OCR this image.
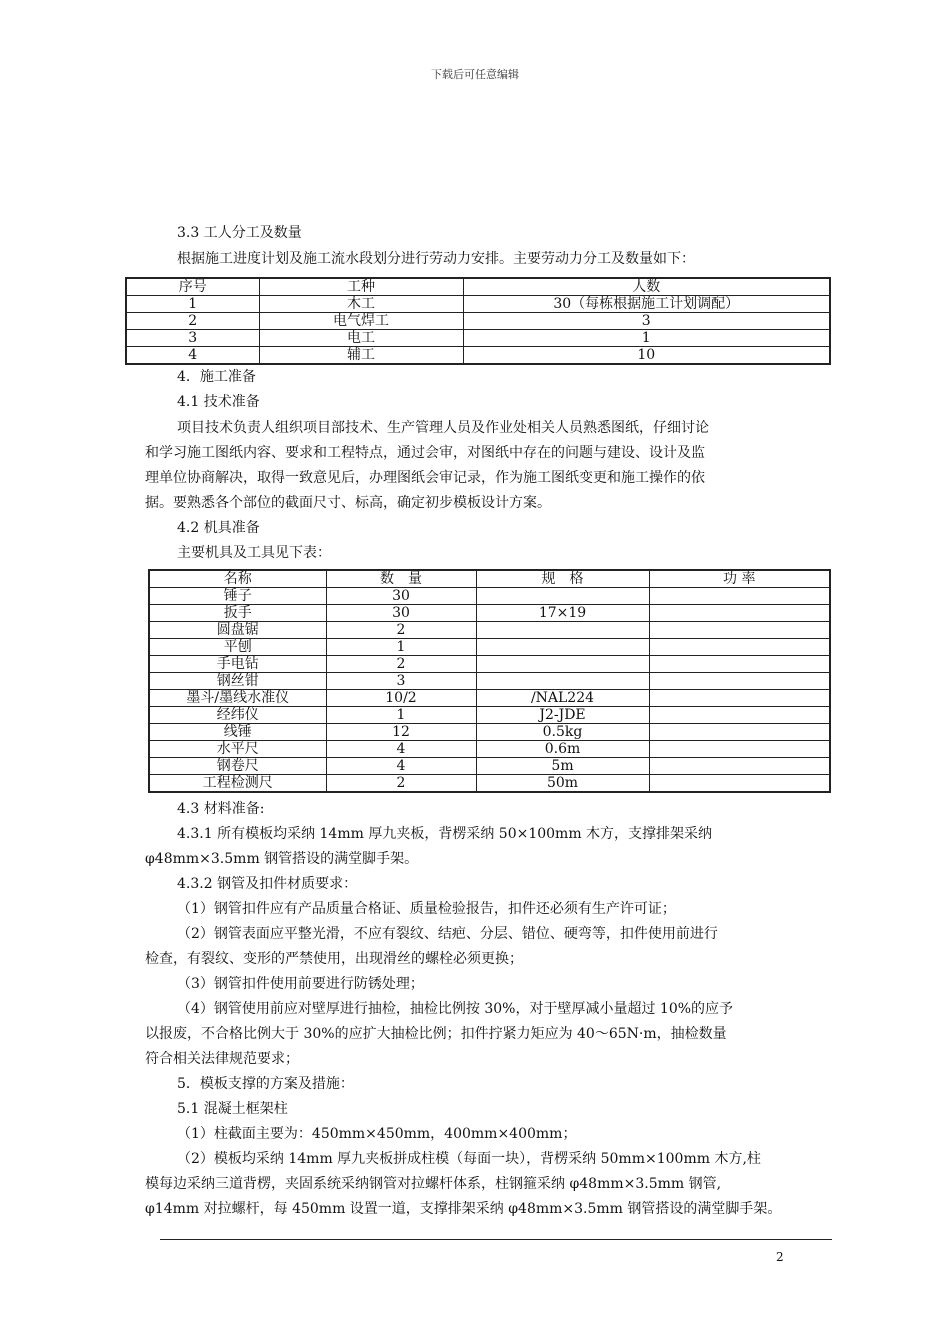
下载后可任意编辑
3.3 工人分工及数量
根据施工进度计划及施工流水段划分进行劳动力安排。主要劳动力分工及数量如下：
序号	工种	人数
1	木工	30（每栋根据施工计划调配）
2	电气焊工	3
3	电工	1
4	辅工	10
4．施工准备
4.1 技术准备
项目技术负责人组织项目部技术、生产管理人员及作业处相关人员熟悉图纸，仔细讨论
和学习施工图纸内容、要求和工程特点，通过会审，对图纸中存在的问题与建设、设计及监
理单位协商解决，取得一致意见后，办理图纸会审记录，作为施工图纸变更和施工操作的依
据。要熟悉各个部位的截面尺寸、标高，确定初步模板设计方案。
4.2 机具准备
主要机具及工具见下表：
名称	数　量	规　格	功 率
锤子	30		
扳手	30	17×19	
圆盘锯	2		
平刨	1		
手电钻	2		
钢丝钳	3		
墨斗/墨线水准仪	10/2	/NAL224	
经纬仪	1	J2-JDE	
线锤	12	0.5kg	
水平尺	4	0.6m	
钢卷尺	4	5m	
工程检测尺	2	50m	
4.3 材料准备:
4.3.1 所有模板均采纳 14mm 厚九夹板，背楞采纳 50×100mm 木方，支撑排架采纳
φ48mm×3.5mm 钢管搭设的满堂脚手架。
4.3.2 钢管及扣件材质要求：
（1）钢管扣件应有产品质量合格证、质量检验报告，扣件还必须有生产许可证；
（2）钢管表面应平整光滑，不应有裂纹、结疤、分层、错位、硬弯等，扣件使用前进行
检查，有裂纹、变形的严禁使用，出现滑丝的螺栓必须更换；
（3）钢管扣件使用前要进行防锈处理；
（4）钢管使用前应对壁厚进行抽检，抽检比例按 30%，对于壁厚减小量超过 10%的应予
以报废，不合格比例大于 30%的应扩大抽检比例；扣件拧紧力矩应为 40～65N·m，抽检数量
符合相关法律规范要求；
5．模板支撑的方案及措施：
5.1 混凝土框架柱
（1）柱截面主要为：450mm×450mm，400mm×400mm；
（2）模板均采纳 14mm 厚九夹板拼成柱模（每面一块），背楞采纳 50mm×100mm 木方,柱
模每边采纳三道背楞，夹固系统采纳钢管对拉螺杆体系，柱钢箍采纳 φ48mm×3.5mm 钢管,
φ14mm 对拉螺杆，每 450mm 设置一道，支撑排架采纳 φ48mm×3.5mm 钢管搭设的满堂脚手架。
2
